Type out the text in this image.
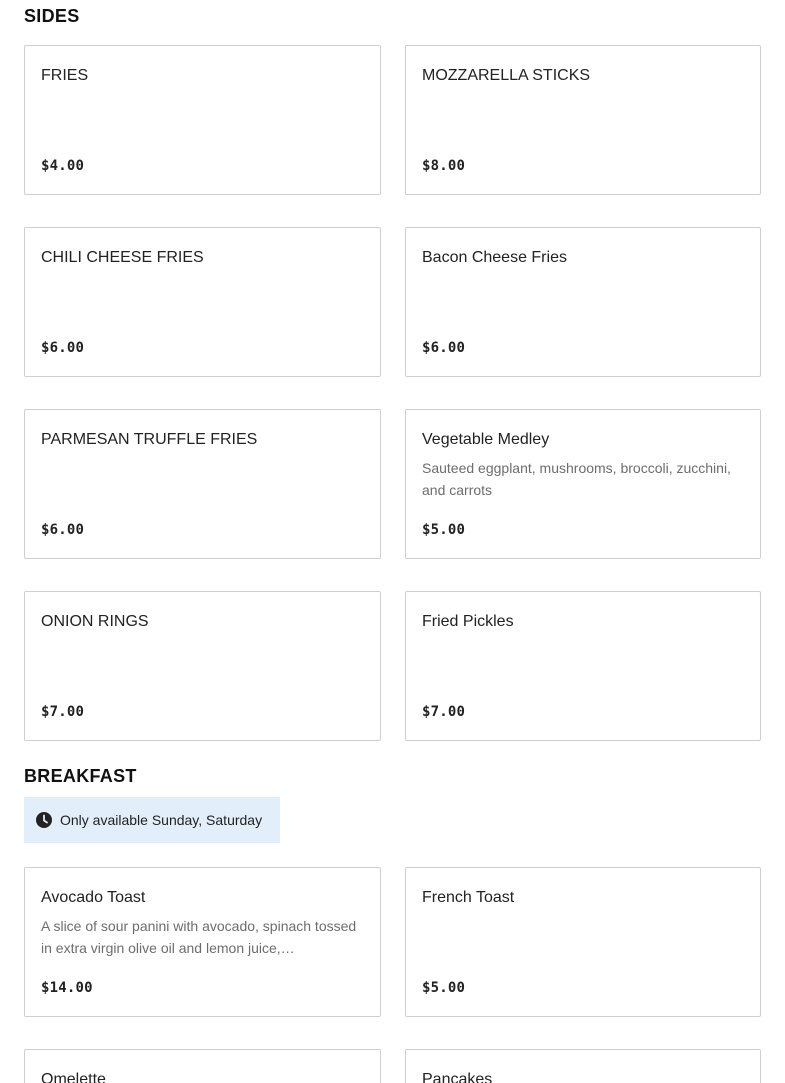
SIDES
FRIES
$4.00
MOZZARELLA STICKS
$8.00
CHILI CHEESE FRIES
$6.00
Bacon Cheese Fries
$6.00
PARMESAN TRUFFLE FRIES
$6.00
Vegetable Medley
Sauteed eggplant, mushrooms, broccoli, zucchini, and carrots
$5.00
ONION RINGS
$7.00
Fried Pickles
$7.00
BREAKFAST
Only available Sunday, Saturday
Avocado Toast
A slice of sour panini with avocado, spinach tossed in extra virgin olive oil and lemon juice,…
$14.00
French Toast
$5.00
Omelette	Pancakes
